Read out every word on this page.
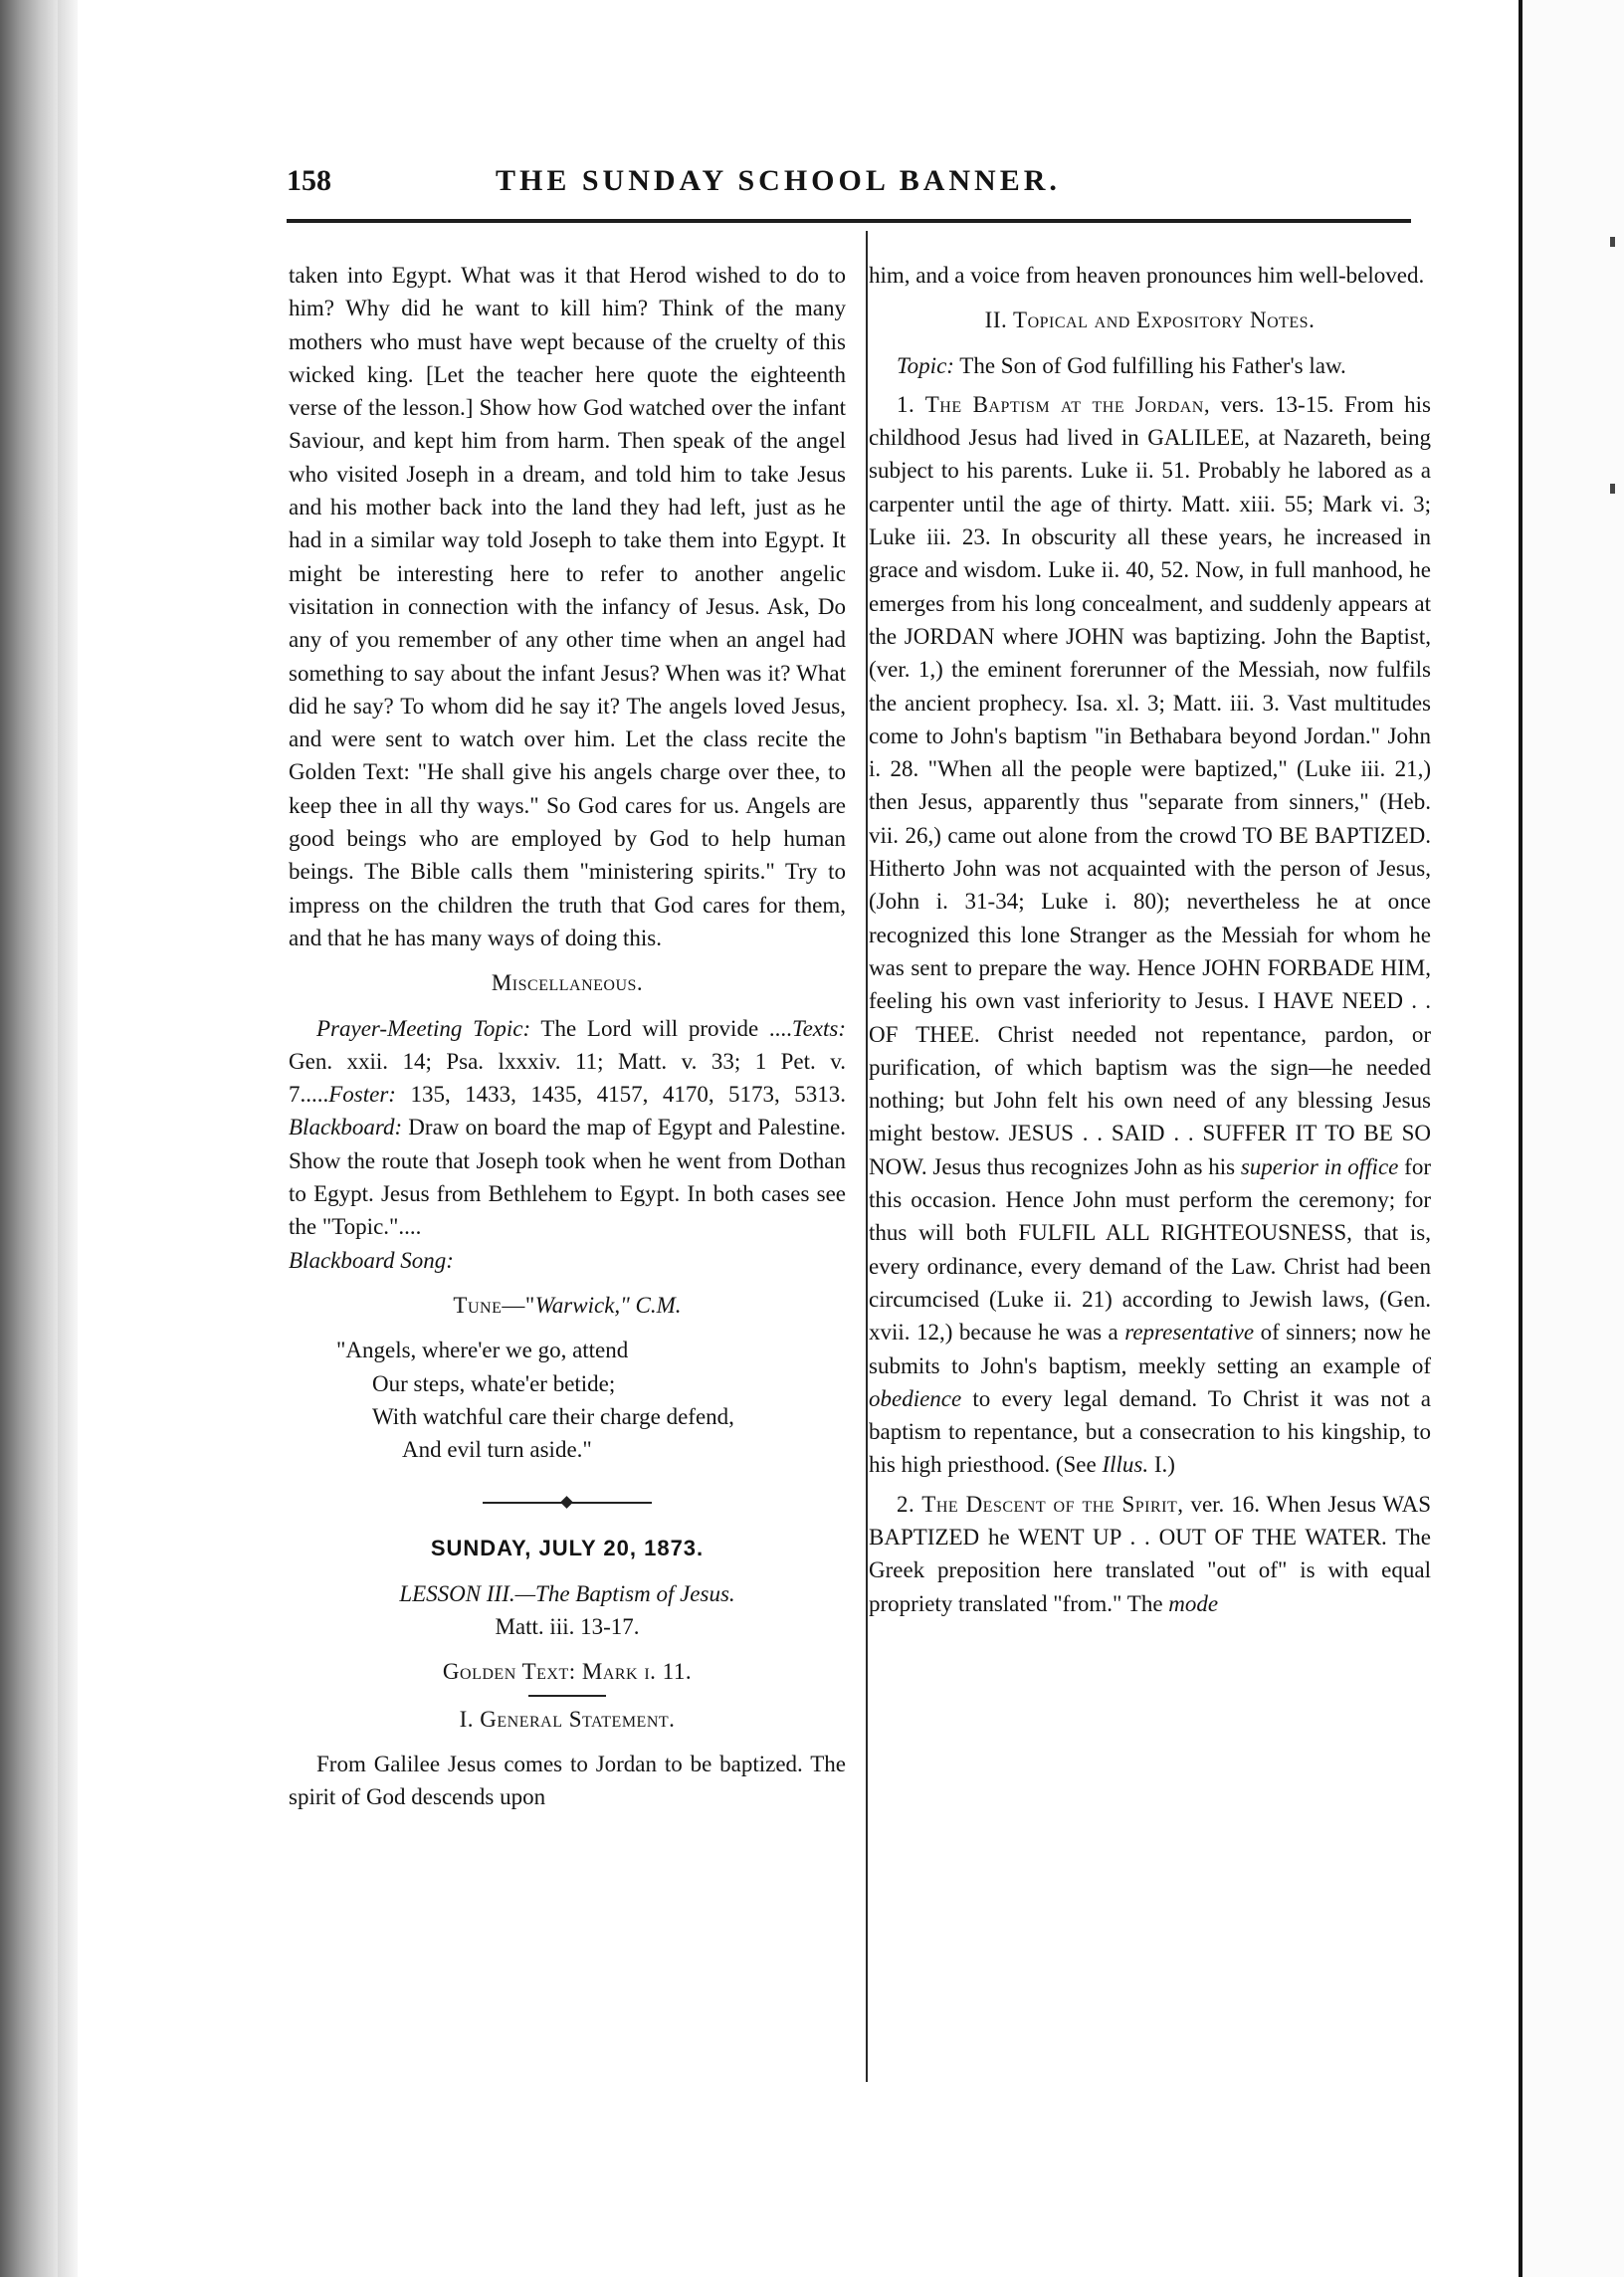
158	THE SUNDAY SCHOOL BANNER.

taken into Egypt. What was it that Herod wished to do to him? Why did he want to kill him? Think of the many mothers who must have wept because of the cruelty of this wicked king. [Let the teacher here quote the eighteenth verse of the lesson.] Show how God watched over the infant Saviour, and kept him from harm. Then speak of the angel who visited Joseph in a dream, and told him to take Jesus and his mother back into the land they had left, just as he had in a similar way told Joseph to take them into Egypt. It might be interesting here to refer to another angelic visitation in connection with the infancy of Jesus. Ask, Do any of you remember of any other time when an angel had something to say about the infant Jesus? When was it? What did he say? To whom did he say it? The angels loved Jesus, and were sent to watch over him. Let the class recite the Golden Text: "He shall give his angels charge over thee, to keep thee in all thy ways." So God cares for us. Angels are good beings who are employed by God to help human beings. The Bible calls them "ministering spirits." Try to impress on the children the truth that God cares for them, and that he has many ways of doing this.

Miscellaneous.

Prayer-Meeting Topic: The Lord will provide ....Texts: Gen. xxii. 14; Psa. lxxxiv. 11; Matt. v. 33; 1 Pet. v. 7.....Foster: 135, 1433, 1435, 4157, 4170, 5173, 5313. Blackboard: Draw on board the map of Egypt and Palestine. Show the route that Joseph took when he went from Dothan to Egypt. Jesus from Bethlehem to Egypt. In both cases see the "Topic."....
Blackboard Song:

Tune—"Warwick," C.M.

"Angels, where'er we go, attend

Our steps, whate'er betide;

With watchful care their charge defend,

And evil turn aside."

SUNDAY, JULY 20, 1873.

LESSON III.—The Baptism of Jesus.

Matt. iii. 13-17.

Golden Text: Mark i. 11.

I. General Statement.

From Galilee Jesus comes to Jordan to be baptized. The spirit of God descends upon

him, and a voice from heaven pronounces him well-beloved.

II. Topical and Expository Notes.

Topic: The Son of God fulfilling his Father's law.

1. The Baptism at the Jordan, vers. 13-15. From his childhood Jesus had lived in GALILEE, at Nazareth, being subject to his parents. Luke ii. 51. Probably he labored as a carpenter until the age of thirty. Matt. xiii. 55; Mark vi. 3; Luke iii. 23. In obscurity all these years, he increased in grace and wisdom. Luke ii. 40, 52. Now, in full manhood, he emerges from his long concealment, and suddenly appears at the JORDAN where JOHN was baptizing. John the Baptist, (ver. 1,) the eminent forerunner of the Messiah, now fulfils the ancient prophecy. Isa. xl. 3; Matt. iii. 3. Vast multitudes come to John's baptism "in Bethabara beyond Jordan." John i. 28. "When all the people were baptized," (Luke iii. 21,) then Jesus, apparently thus "separate from sinners," (Heb. vii. 26,) came out alone from the crowd TO BE BAPTIZED. Hitherto John was not acquainted with the person of Jesus, (John i. 31-34; Luke i. 80); nevertheless he at once recognized this lone Stranger as the Messiah for whom he was sent to prepare the way. Hence JOHN FORBADE HIM, feeling his own vast inferiority to Jesus. I HAVE NEED . . OF THEE. Christ needed not repentance, pardon, or purification, of which baptism was the sign—he needed nothing; but John felt his own need of any blessing Jesus might bestow. JESUS . . SAID . . SUFFER IT TO BE SO NOW. Jesus thus recognizes John as his superior in office for this occasion. Hence John must perform the ceremony; for thus will both FULFIL ALL RIGHTEOUSNESS, that is, every ordinance, every demand of the Law. Christ had been circumcised (Luke ii. 21) according to Jewish laws, (Gen. xvii. 12,) because he was a representative of sinners; now he submits to John's baptism, meekly setting an example of obedience to every legal demand. To Christ it was not a baptism to repentance, but a consecration to his kingship, to his high priesthood. (See Illus. I.)

2. The Descent of the Spirit, ver. 16. When Jesus WAS BAPTIZED he WENT UP . . OUT OF THE WATER. The Greek preposition here translated "out of" is with equal propriety translated "from." The mode
